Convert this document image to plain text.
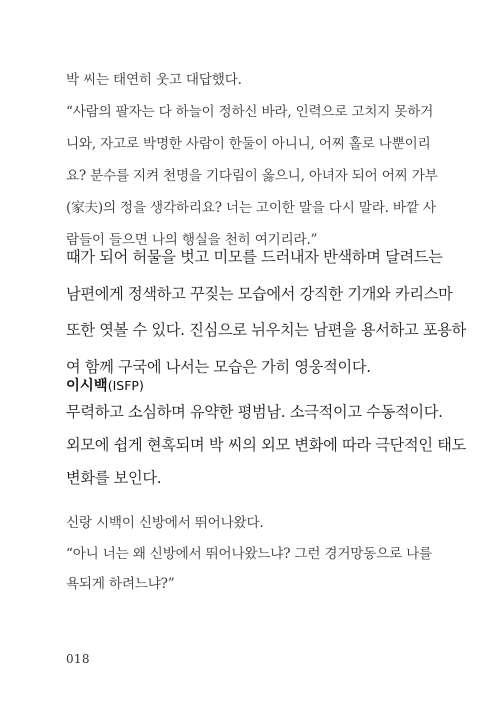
박 씨는 태연히 웃고 대답했다.

“사람의 팔자는 다 하늘이 정하신 바라, 인력으로 고치지 못하거

니와, 자고로 박명한 사람이 한둘이 아니니, 어찌 홀로 나뿐이리

요? 분수를 지켜 천명을 기다림이 옳으니, 아녀자 되어 어찌 가부

(家夫)의 정을 생각하리요? 너는 고이한 말을 다시 말라. 바깥 사

람들이 들으면 나의 행실을 천히 여기리라.”

때가 되어 허물을 벗고 미모를 드러내자 반색하며 달려드는

남편에게 정색하고 꾸짖는 모습에서 강직한 기개와 카리스마

또한 엿볼 수 있다. 진심으로 뉘우치는 남편을 용서하고 포용하

여 함께 구국에 나서는 모습은 가히 영웅적이다.

이시백(ISFP)

무력하고 소심하며 유약한 평범남. 소극적이고 수동적이다.

외모에 쉽게 현혹되며 박 씨의 외모 변화에 따라 극단적인 태도

변화를 보인다.

신랑 시백이 신방에서 뛰어나왔다.

“아니 너는 왜 신방에서 뛰어나왔느냐? 그런 경거망동으로 나를

욕되게 하려느냐?”

018
